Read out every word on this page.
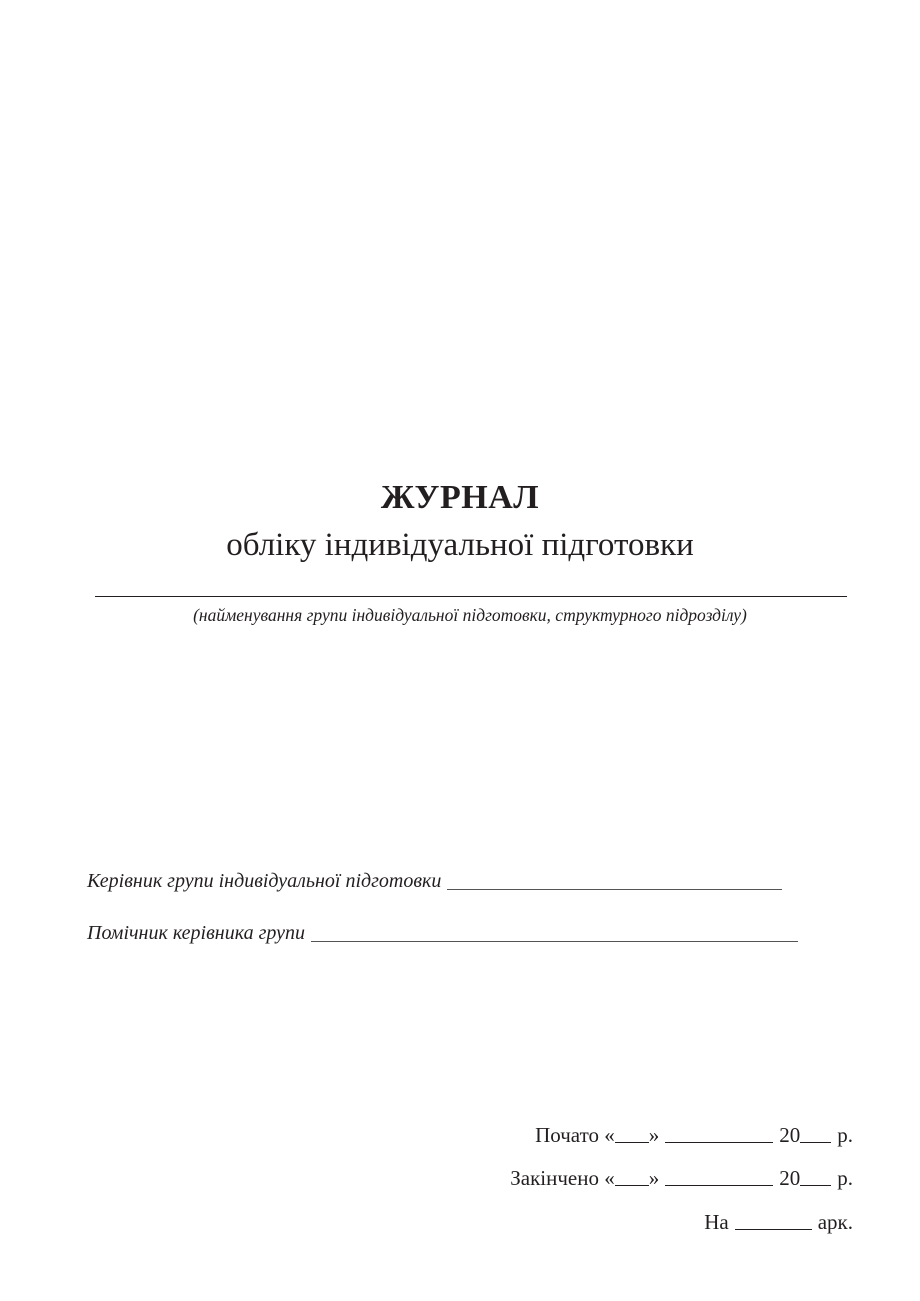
ЖУРНАЛ
обліку індивідуальної підготовки
(найменування групи індивідуальної підготовки, структурного підрозділу)
Керівник групи індивідуальної підготовки
Помічник керівника групи
Почато
« »	20 р.
Закінчено
« »	20 р.
На	арк.
